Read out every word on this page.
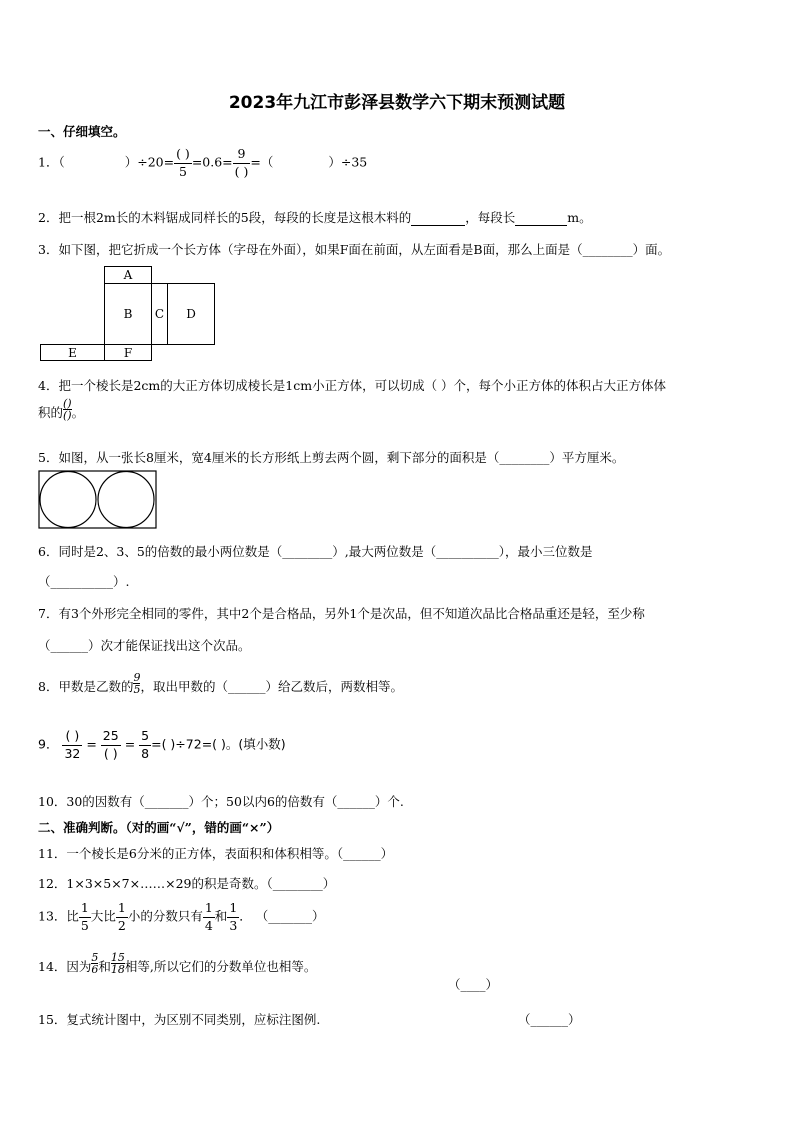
2023年九江市彭泽县数学六下期末预测试题
一、仔细填空。
1．（	）$\div 20= \frac{( )}{5} =0.6= \frac{9}{( )}$ =（	）÷35
2．把一根2m长的木料锯成同样长的5段，每段的长度是这根木料的	，每段长	m。
3．如下图，把它折成一个长方体（字母在外面），如果F面在前面，从左面看是B面，那么上面是（________）面。
A
B	C	D
E	F
4．把一个棱长是2cm的大正方体切成棱长是1cm小正方体，可以切成（ ）个，每个小正方体的体积占大正方体体
积的 $\frac{()}{()}$。
5．如图，从一张长8厘米，宽4厘米的长方形纸上剪去两个圆，剩下部分的面积是（________）平方厘米。
6．同时是2、3、5的倍数的最小两位数是（________）,最大两位数是（__________），最小三位数是
（__________）.
7．有3个外形完全相同的零件，其中2个是合格品，另外1个是次品，但不知道次品比合格品重还是轻，至少称
（______）次才能保证找出这个次品。
8．甲数是乙数的 $\frac{9}{5}$，取出甲数的（______）给乙数后，两数相等。
9． $\frac{( )}{32} = \frac{25}{( )} = \frac{5}{8}$ =( )÷72=( )。(填小数)
10．30的因数有（_______）个；50以内6的倍数有（______）个.
二、准确判断。（对的画“√”，错的画“×”）
11．一个棱长是6分米的正方体，表面积和体积相等。（______）
12．1×3×5×7×……×29的积是奇数。（________）
13．比 $\frac{1}{5}$ 大比 $\frac{1}{2}$ 小的分数只有 $\frac{1}{4}$ 和 $\frac{1}{3}$ ． （_______）
14．因为 $\frac{5}{6}$和 $\frac{15}{18}$相等,所以它们的分数单位也相等。
（____）
15．复式统计图中，为区别不同类别，应标注图例.	（______）
